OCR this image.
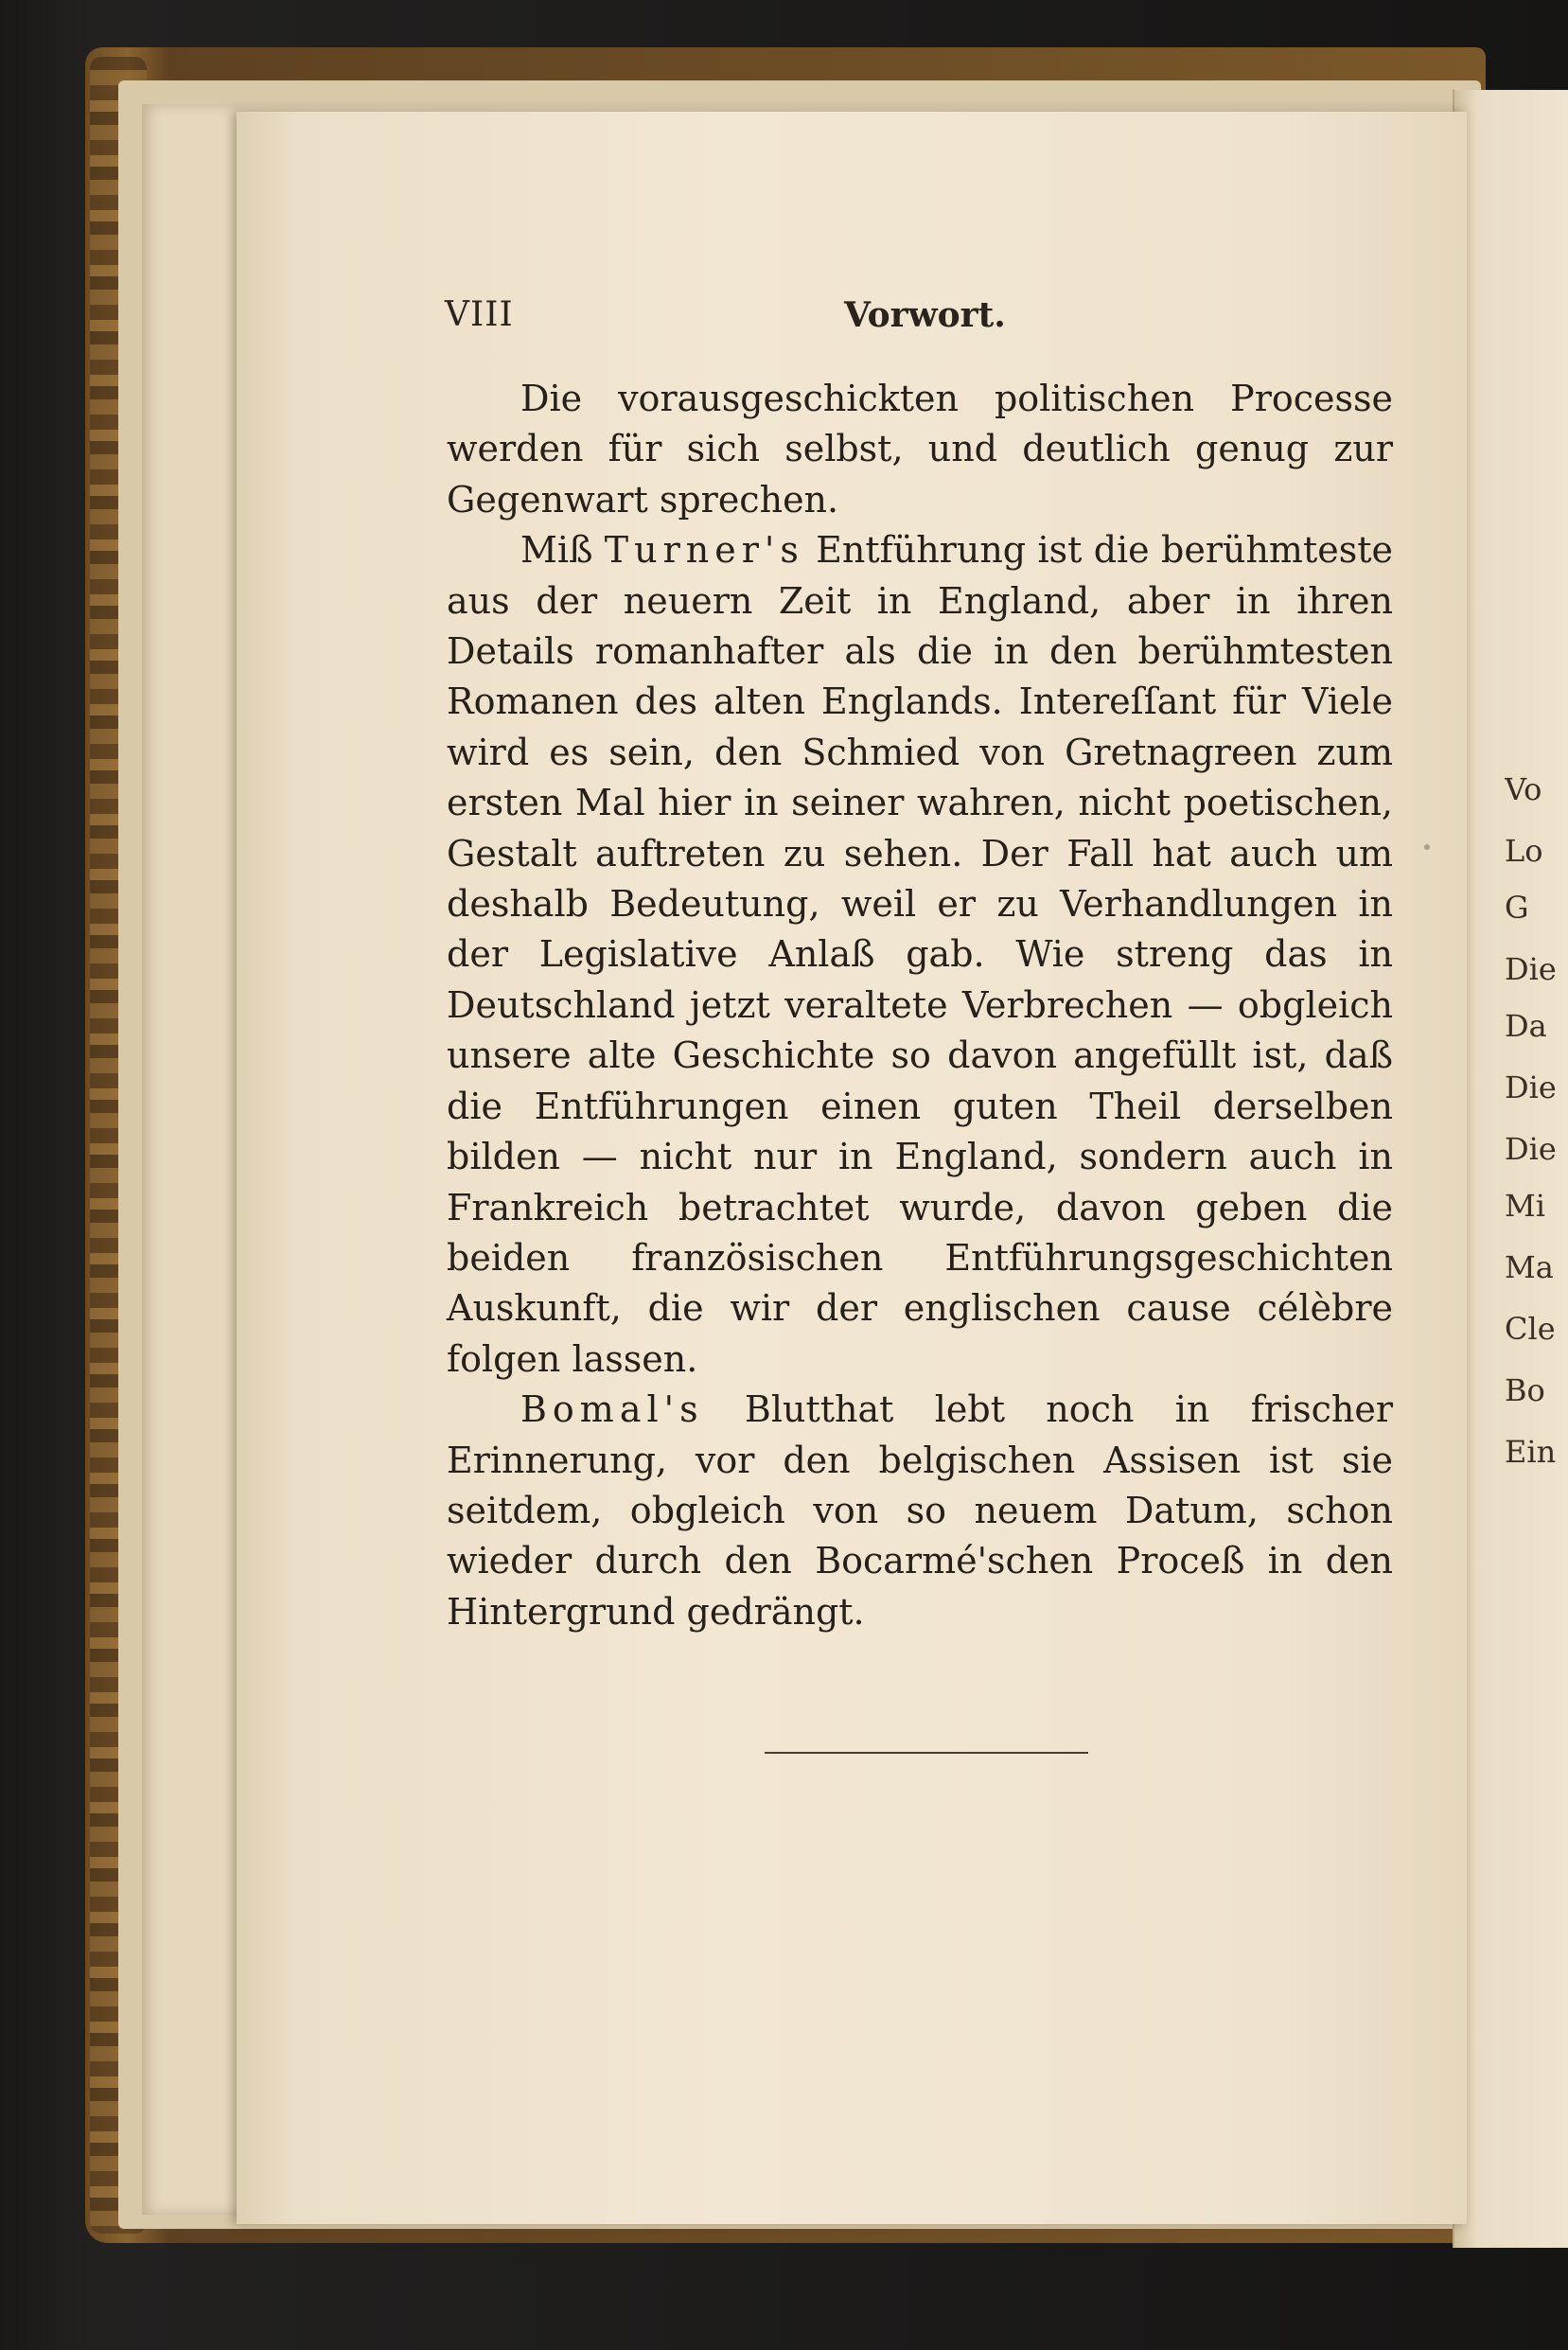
Vo
Lo
G
Die
Da
Die
Die
Mi
Ma
Cle
Bo
Ein
VIII	Vorwort.

Die vorausgeschickten politischen Processe werden für sich selbst, und deutlich genug zur Gegenwart sprechen.

Miß Turner's Entführung ist die berühmteste aus der neuern Zeit in England, aber in ihren Details romanhafter als die in den berühmtesten Romanen des alten Englands. Intereſſant für Viele wird es sein, den Schmied von Gretnagreen zum ersten Mal hier in seiner wahren, nicht poetischen, Gestalt auftreten zu sehen. Der Fall hat auch um deshalb Bedeutung, weil er zu Verhandlungen in der Legislative Anlaß gab. Wie streng das in Deutschland jetzt veraltete Verbrechen — obgleich unsere alte Geschichte so davon angefüllt ist, daß die Entführungen einen guten Theil derselben bilden — nicht nur in England, sondern auch in Frankreich betrachtet wurde, davon geben die beiden französischen Entführungsgeschichten Auskunft, die wir der englischen cause célèbre folgen lassen.

Bomal's Blutthat lebt noch in frischer Erinnerung, vor den belgischen Assisen ist sie seitdem, obgleich von so neuem Datum, schon wieder durch den Bocarmé'schen Proceß in den Hintergrund gedrängt.
